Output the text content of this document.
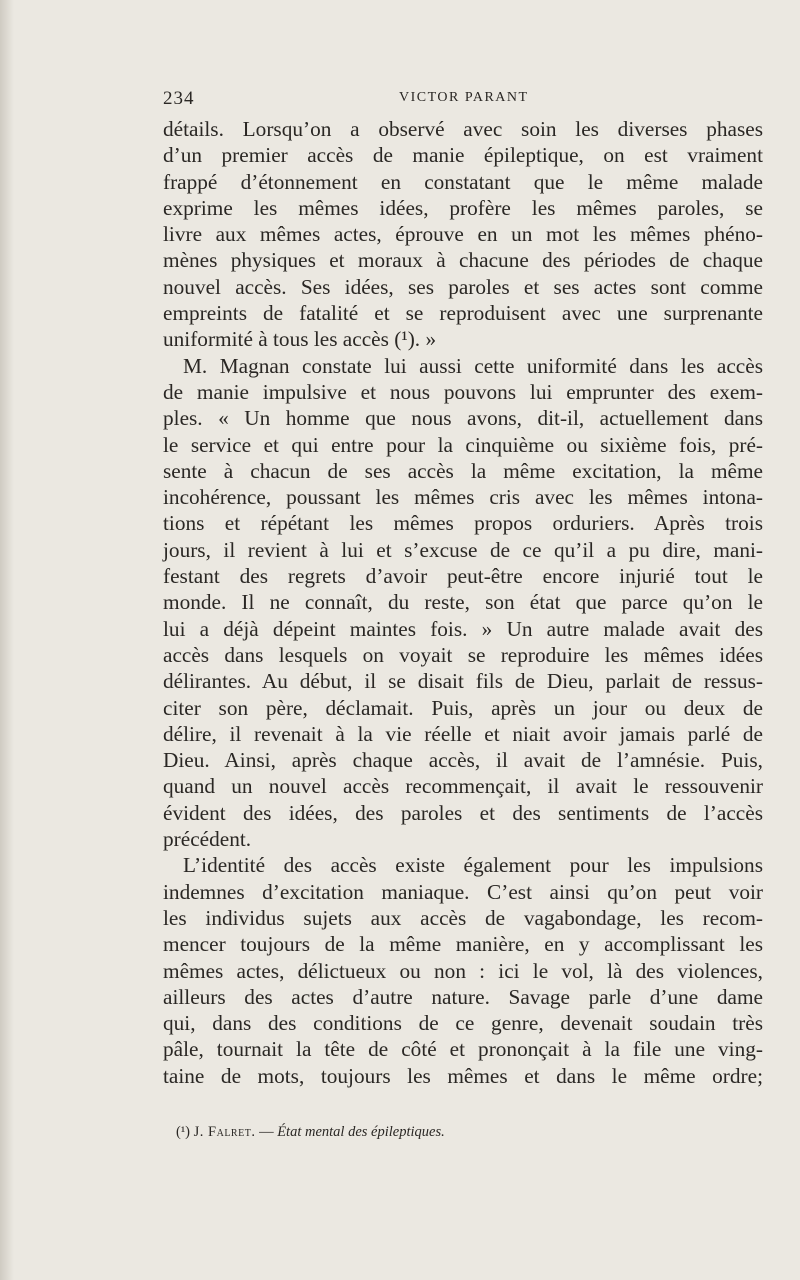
234	VICTOR PARANT
détails. Lorsqu’on a observé avec soin les diverses phases
d’un premier accès de manie épileptique, on est vraiment
frappé d’étonnement en constatant que le même malade
exprime les mêmes idées, profère les mêmes paroles, se
livre aux mêmes actes, éprouve en un mot les mêmes phéno-
mènes physiques et moraux à chacune des périodes de chaque
nouvel accès. Ses idées, ses paroles et ses actes sont comme
empreints de fatalité et se reproduisent avec une surprenante
uniformité à tous les accès (¹). »
M. Magnan constate lui aussi cette uniformité dans les accès
de manie impulsive et nous pouvons lui emprunter des exem-
ples. « Un homme que nous avons, dit-il, actuellement dans
le service et qui entre pour la cinquième ou sixième fois, pré-
sente à chacun de ses accès la même excitation, la même
incohérence, poussant les mêmes cris avec les mêmes intona-
tions et répétant les mêmes propos orduriers. Après trois
jours, il revient à lui et s’excuse de ce qu’il a pu dire, mani-
festant des regrets d’avoir peut-être encore injurié tout le
monde. Il ne connaît, du reste, son état que parce qu’on le
lui a déjà dépeint maintes fois. » Un autre malade avait des
accès dans lesquels on voyait se reproduire les mêmes idées
délirantes. Au début, il se disait fils de Dieu, parlait de ressus-
citer son père, déclamait. Puis, après un jour ou deux de
délire, il revenait à la vie réelle et niait avoir jamais parlé de
Dieu. Ainsi, après chaque accès, il avait de l’amnésie. Puis,
quand un nouvel accès recommençait, il avait le ressouvenir
évident des idées, des paroles et des sentiments de l’accès
précédent.
L’identité des accès existe également pour les impulsions
indemnes d’excitation maniaque. C’est ainsi qu’on peut voir
les individus sujets aux accès de vagabondage, les recom-
mencer toujours de la même manière, en y accomplissant les
mêmes actes, délictueux ou non : ici le vol, là des violences,
ailleurs des actes d’autre nature. Savage parle d’une dame
qui, dans des conditions de ce genre, devenait soudain très
pâle, tournait la tête de côté et prononçait à la file une ving-
taine de mots, toujours les mêmes et dans le même ordre;
(¹) J. Falret. — État mental des épileptiques.
